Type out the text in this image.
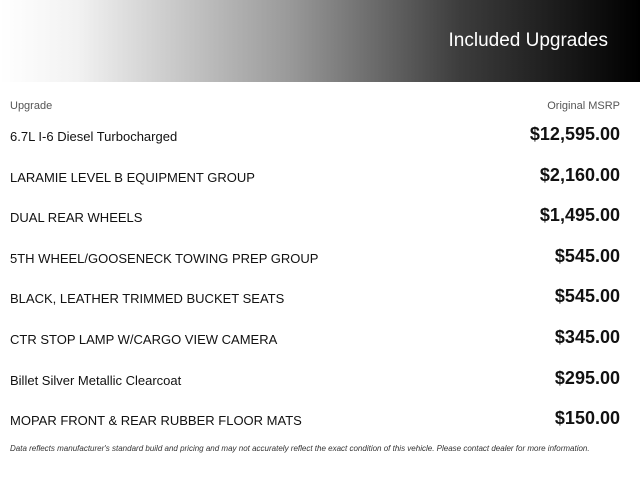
Included Upgrades
Upgrade	Original MSRP
6.7L I-6 Diesel Turbocharged	$12,595.00
LARAMIE LEVEL B EQUIPMENT GROUP	$2,160.00
DUAL REAR WHEELS	$1,495.00
5TH WHEEL/GOOSENECK TOWING PREP GROUP	$545.00
BLACK, LEATHER TRIMMED BUCKET SEATS	$545.00
CTR STOP LAMP W/CARGO VIEW CAMERA	$345.00
Billet Silver Metallic Clearcoat	$295.00
MOPAR FRONT & REAR RUBBER FLOOR MATS	$150.00
Data reflects manufacturer's standard build and pricing and may not accurately reflect the exact condition of this vehicle. Please contact dealer for more information.
